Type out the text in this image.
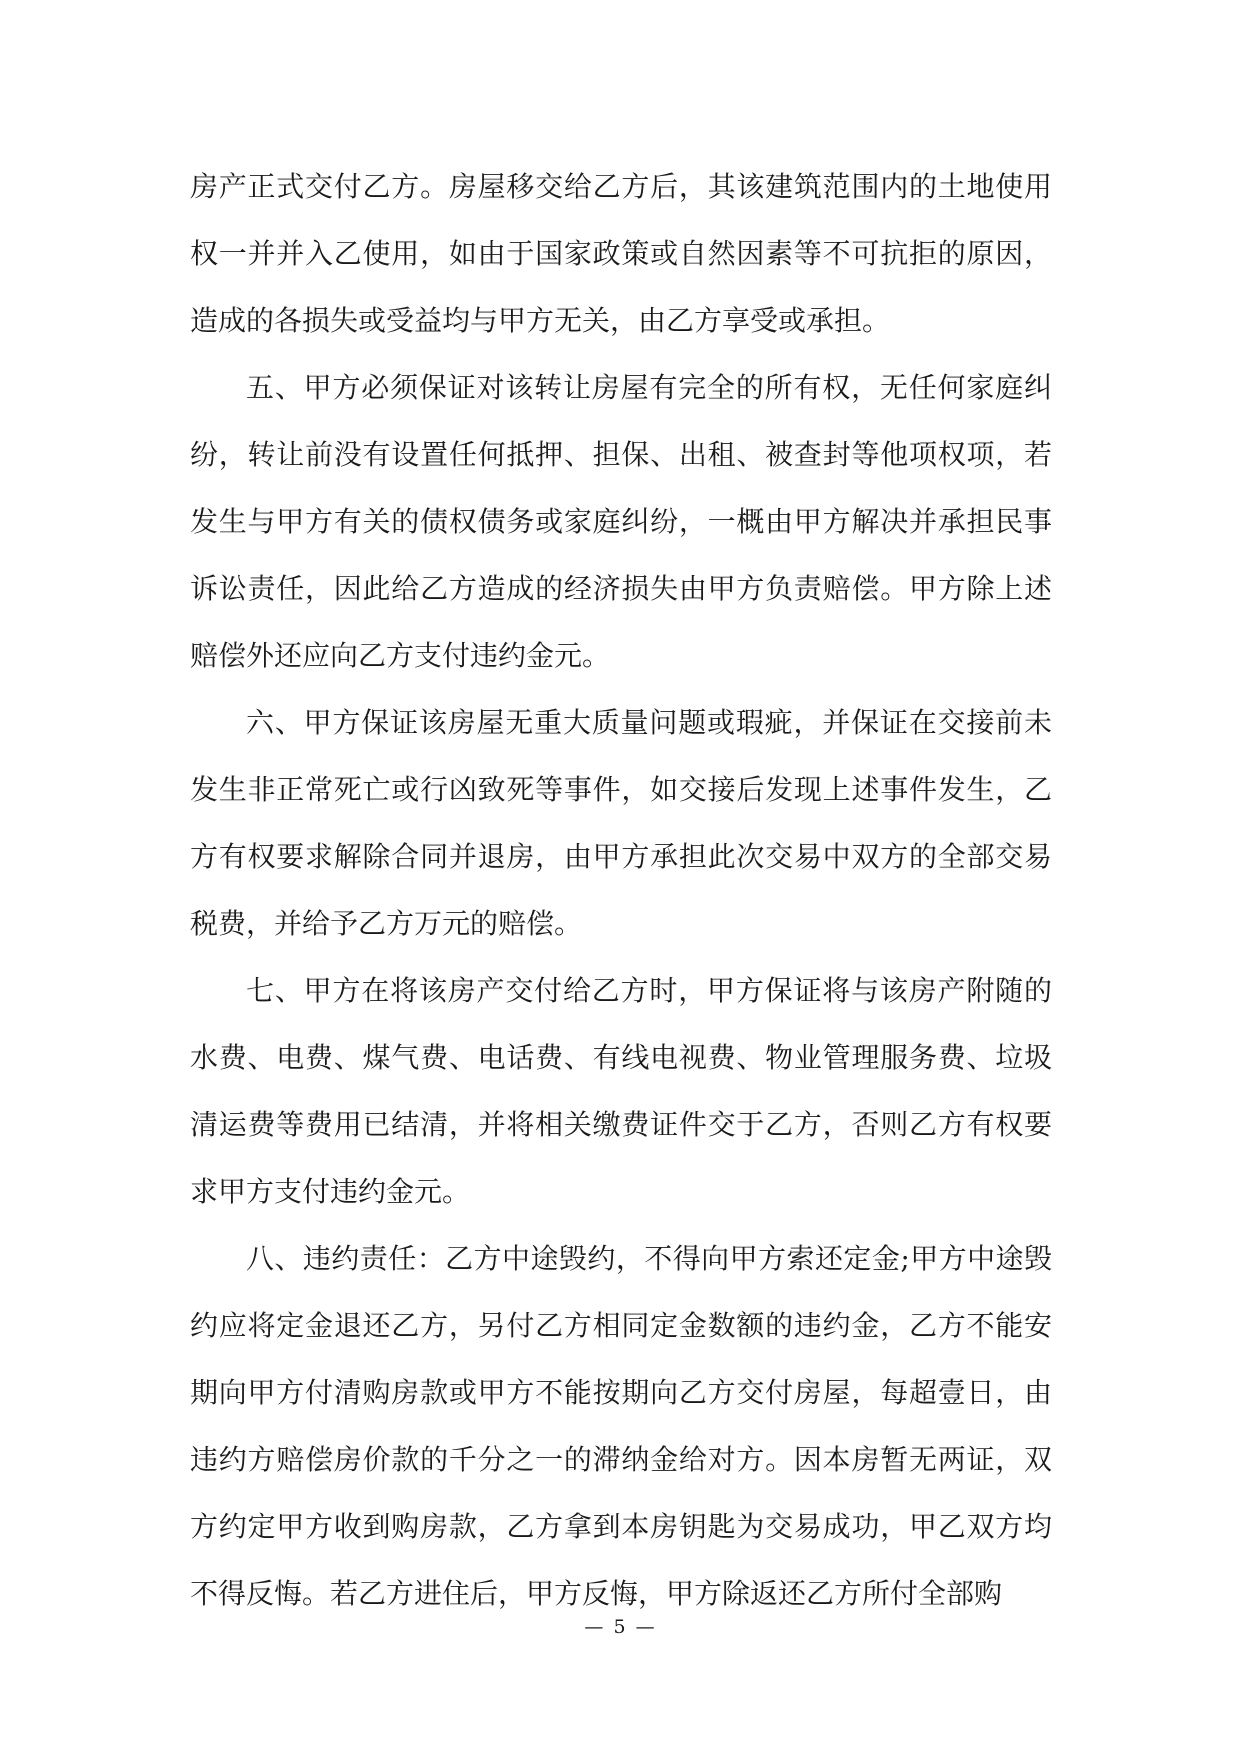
房产正式交付乙方。房屋移交给乙方后，其该建筑范围内的土地使用权一并并入乙使用，如由于国家政策或自然因素等不可抗拒的原因，造成的各损失或受益均与甲方无关，由乙方享受或承担。

五、甲方必须保证对该转让房屋有完全的所有权，无任何家庭纠纷，转让前没有设置任何抵押、担保、出租、被查封等他项权项，若发生与甲方有关的债权债务或家庭纠纷，一概由甲方解决并承担民事诉讼责任，因此给乙方造成的经济损失由甲方负责赔偿。甲方除上述赔偿外还应向乙方支付违约金元。

六、甲方保证该房屋无重大质量问题或瑕疵，并保证在交接前未发生非正常死亡或行凶致死等事件，如交接后发现上述事件发生，乙方有权要求解除合同并退房，由甲方承担此次交易中双方的全部交易税费，并给予乙方万元的赔偿。

七、甲方在将该房产交付给乙方时，甲方保证将与该房产附随的水费、电费、煤气费、电话费、有线电视费、物业管理服务费、垃圾清运费等费用已结清，并将相关缴费证件交于乙方，否则乙方有权要求甲方支付违约金元。

八、违约责任：乙方中途毁约，不得向甲方索还定金;甲方中途毁约应将定金退还乙方，另付乙方相同定金数额的违约金，乙方不能安期向甲方付清购房款或甲方不能按期向乙方交付房屋，每超壹日，由违约方赔偿房价款的千分之一的滞纳金给对方。因本房暂无两证，双方约定甲方收到购房款，乙方拿到本房钥匙为交易成功，甲乙双方均不得反悔。若乙方进住后，甲方反悔，甲方除返还乙方所付全部购

— 5 —
